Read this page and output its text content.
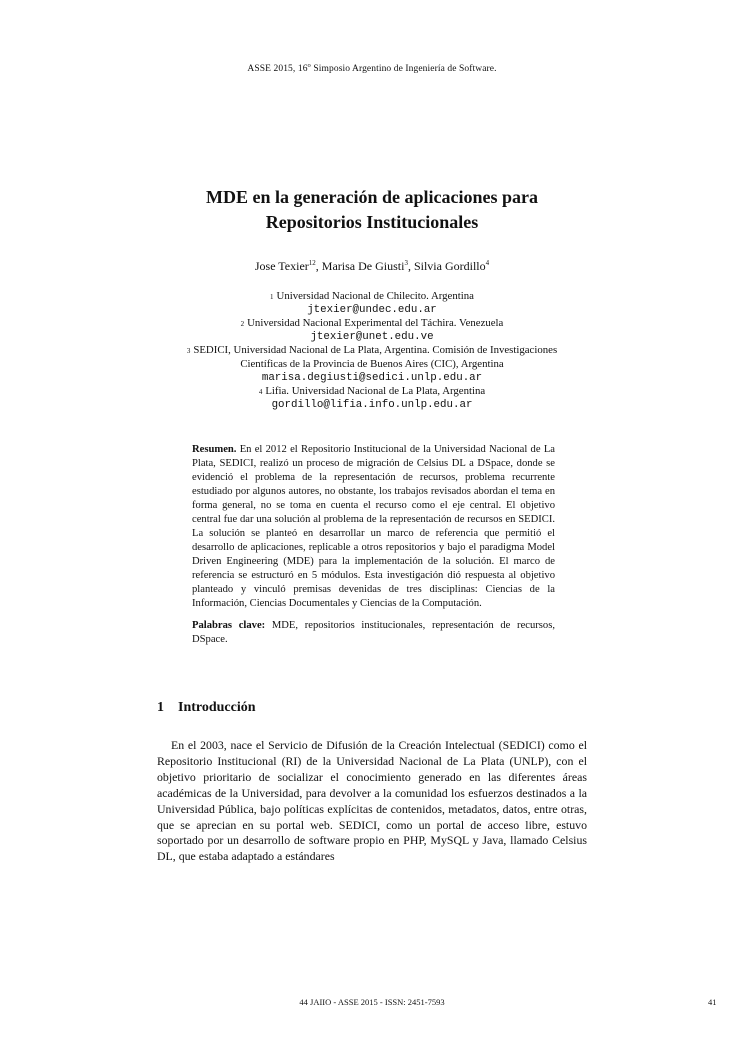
ASSE 2015, 16$^o$ Simposio Argentino de Ingeniería de Software.
MDE en la generación de aplicaciones para
Repositorios Institucionales
Jose Texier$^{12}$, Marisa De Giusti$^3$, Silvia Gordillo$^4$
1 Universidad Nacional de Chilecito. Argentina
jtexier@undec.edu.ar
2 Universidad Nacional Experimental del Táchira. Venezuela
jtexier@unet.edu.ve
3 SEDICI, Universidad Nacional de La Plata, Argentina. Comisión de Investigaciones
Científicas de la Provincia de Buenos Aires (CIC), Argentina
marisa.degiusti@sedici.unlp.edu.ar
4 Lifia. Universidad Nacional de La Plata, Argentina
gordillo@lifia.info.unlp.edu.ar

Resumen. En el 2012 el Repositorio Institucional de la Universidad Nacional de La Plata, SEDICI, realizó un proceso de migración de Celsius DL a DSpace, donde se evidenció el problema de la representación de recursos, problema recurrente estudiado por algunos autores, no obstante, los trabajos revisados abordan el tema en forma general, no se toma en cuenta el recurso como el eje central. El objetivo central fue dar una solución al problema de la representación de recursos en SEDICI. La solución se planteó en desarrollar un marco de referencia que permitió el desarrollo de aplicaciones, replicable a otros repositorios y bajo el paradigma Model Driven Engineering (MDE) para la implementación de la solución. El marco de referencia se estructuró en 5 módulos. Esta investigación dió respuesta al objetivo planteado y vinculó premisas devenidas de tres disciplinas: Ciencias de la Información, Ciencias Documentales y Ciencias de la Computación.

Palabras clave: MDE, repositorios institucionales, representación de recursos, DSpace.

1 Introducción

En el 2003, nace el Servicio de Difusión de la Creación Intelectual (SEDICI) como el Repositorio Institucional (RI) de la Universidad Nacional de La Plata (UNLP), con el objetivo prioritario de socializar el conocimiento generado en las diferentes áreas académicas de la Universidad, para devolver a la comunidad los esfuerzos destinados a la Universidad Pública, bajo políticas explícitas de contenidos, metadatos, datos, entre otras, que se aprecian en su portal web. SEDICI, como un portal de acceso libre, estuvo soportado por un desarrollo de software propio en PHP, MySQL y Java, llamado Celsius DL, que estaba adaptado a estándares

44 JAIIO - ASSE 2015 - ISSN: 2451-7593	41
